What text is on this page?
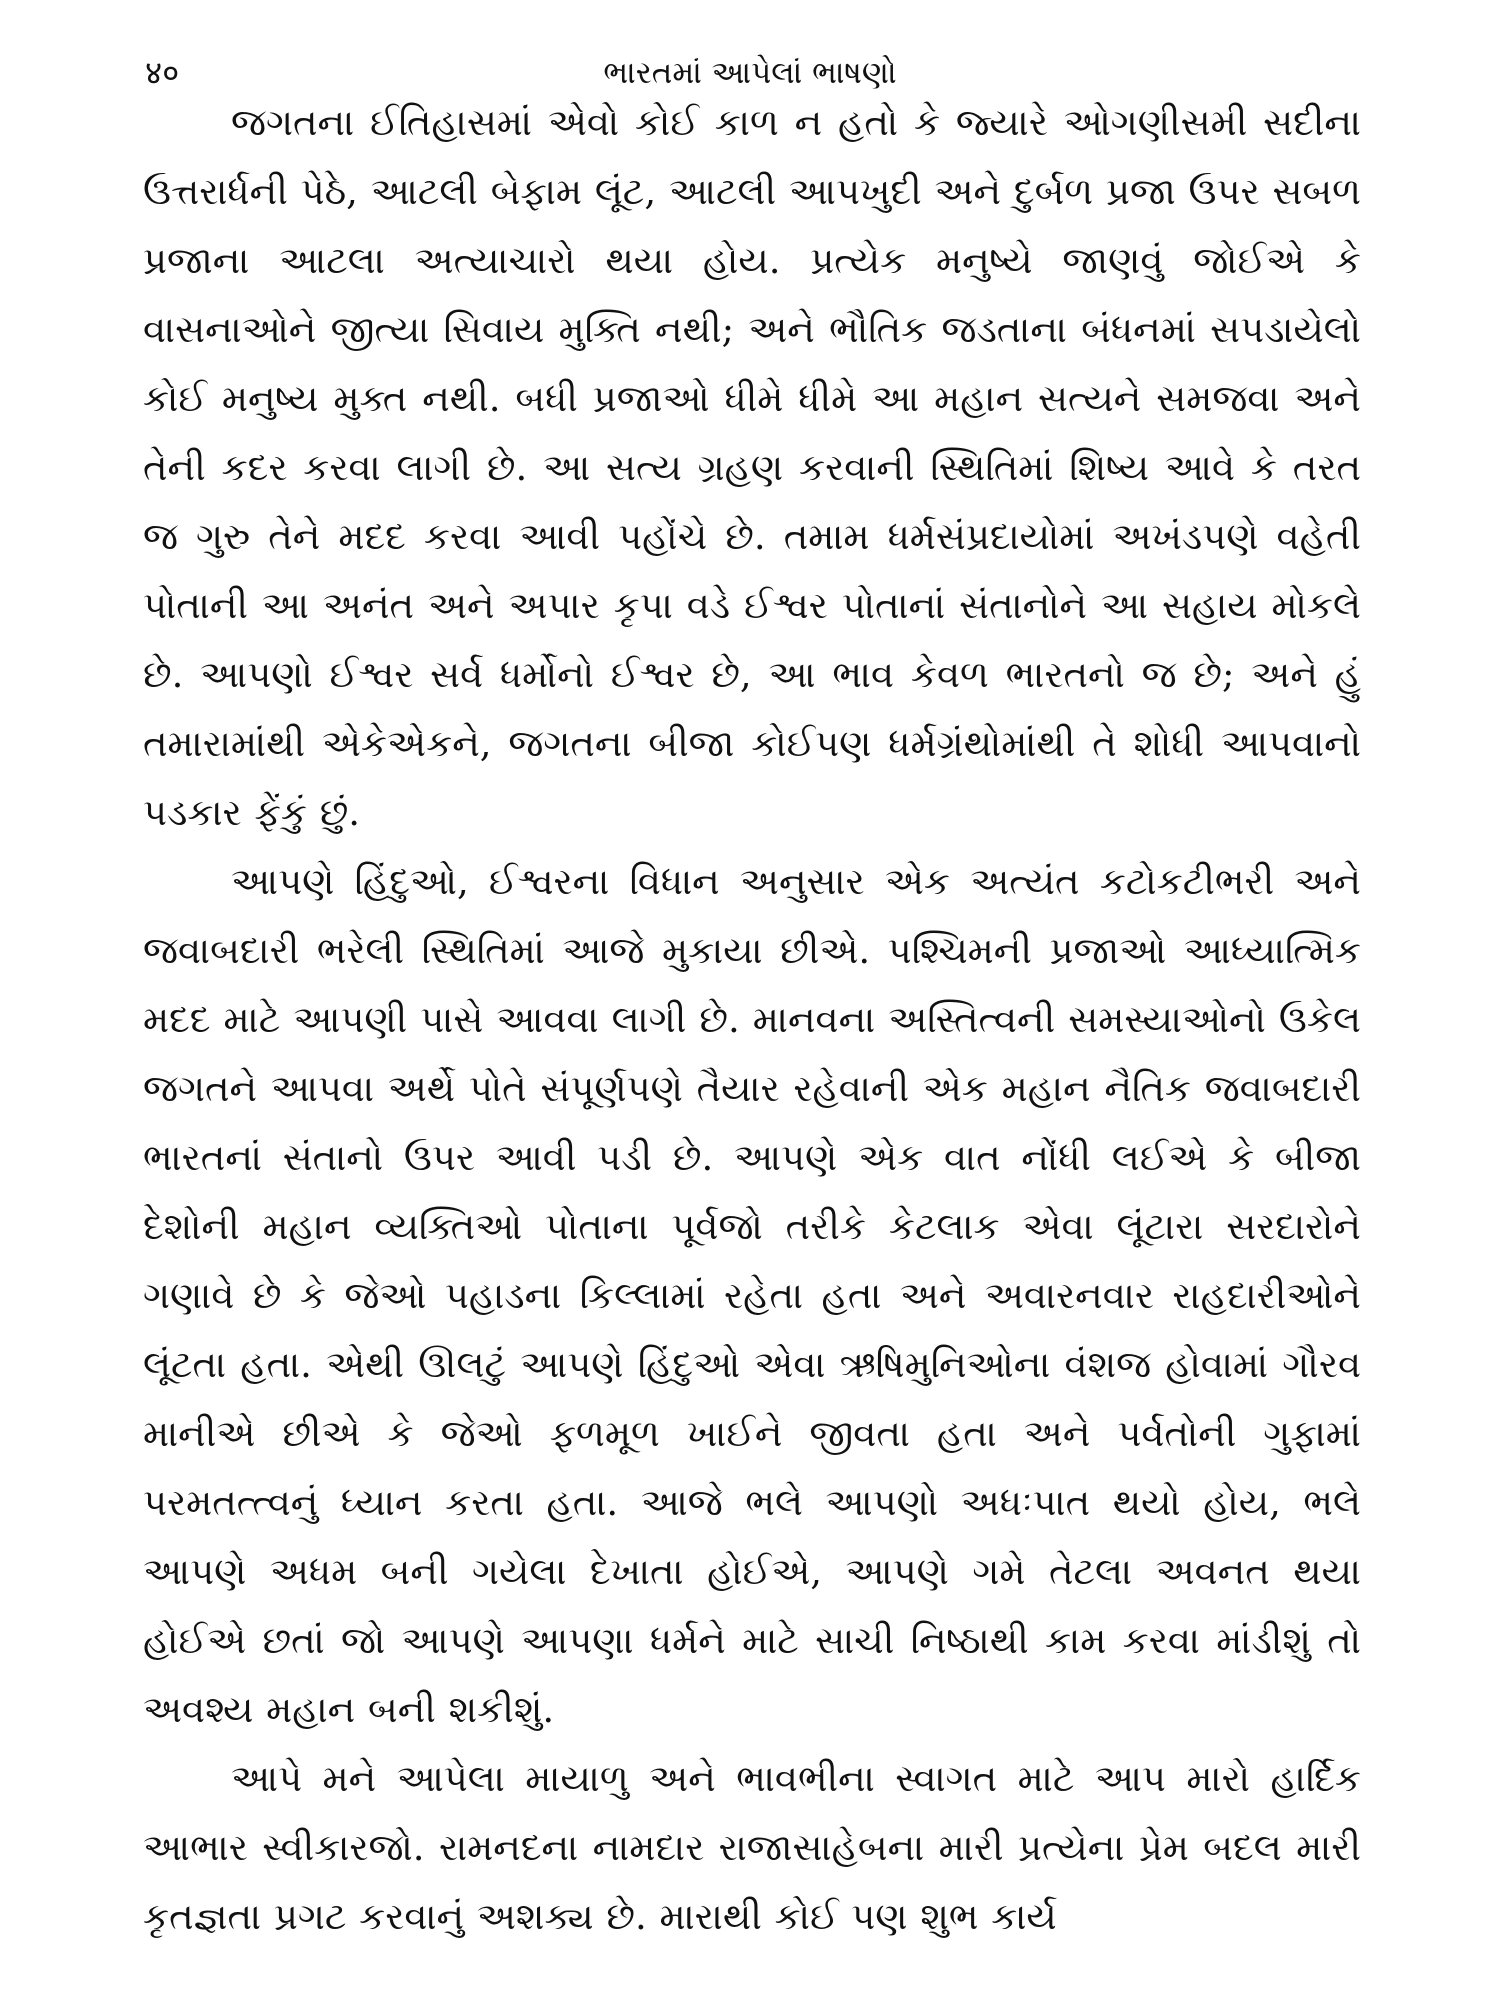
४०	ભારતમાં આપેલાં ભાષણો

જગતના ઈતિહાસમાં એવો કોઈ કાળ ન હતો કે જ્યારે ઓગણીસમી સદીના ઉત્તરાર્ધની પેઠે, આટલી બેફામ લૂંટ, આટલી આપખુદી અને દુર્બળ પ્રજા ઉપર સબળ પ્રજાના આટલા અત્યાચારો થયા હોય. પ્રત્યેક મનુષ્યે જાણવું જોઈએ કે વાસનાઓને જીત્યા સિવાય મુક્તિ નથી; અને ભૌતિક જડતાના બંધનમાં સપડાયેલો કોઈ મનુષ્ય મુક્ત નથી. બધી પ્રજાઓ ધીમે ધીમે આ મહાન સત્યને સમજવા અને તેની કદર કરવા લાગી છે. આ સત્ય ગ્રહણ કરવાની સ્થિતિમાં શિષ્ય આવે કે તરત જ ગુરુ તેને મદદ કરવા આવી પહોંચે છે. તમામ ધર્મસંપ્રદાયોમાં અખંડપણે વહેતી પોતાની આ અનંત અને અપાર કૃપા વડે ઈશ્વર પોતાનાં સંતાનોને આ સહાય મોકલે છે. આપણો ઈશ્વર સર્વ ધર્મોનો ઈશ્વર છે, આ ભાવ કેવળ ભારતનો જ છે; અને હું તમારામાંથી એકેએકને, જગતના બીજા કોઈપણ ધર્મગ્રંથોમાંથી તે શોધી આપવાનો પડકાર ફેંકું છું.

આપણે હિંદુઓ, ઈશ્વરના વિધાન અનુસાર એક અત્યંત કટોકટીભરી અને જવાબદારી ભરેલી સ્થિતિમાં આજે મુકાયા છીએ. પશ્ચિમની પ્રજાઓ આધ્યાત્મિક મદદ માટે આપણી પાસે આવવા લાગી છે. માનવના અસ્તિત્વની સમસ્યાઓનો ઉકેલ જગતને આપવા અર્થે પોતે સંપૂર્ણપણે તૈયાર રહેવાની એક મહાન નૈતિક જવાબદારી ભારતનાં સંતાનો ઉપર આવી પડી છે. આપણે એક વાત નોંધી લઈએ કે બીજા દેશોની મહાન વ્યક્તિઓ પોતાના પૂર્વજો તરીકે કેટલાક એવા લૂંટારા સરદારોને ગણાવે છે કે જેઓ પહાડના કિલ્લામાં રહેતા હતા અને અવારનવાર રાહદારીઓને લૂંટતા હતા. એથી ઊલટું આપણે હિંદુઓ એવા ઋષિમુનિઓના વંશજ હોવામાં ગૌરવ માનીએ છીએ કે જેઓ ફળમૂળ ખાઈને જીવતા હતા અને પર્વતોની ગુફામાં પરમતત્ત્વનું ધ્યાન કરતા હતા. આજે ભલે આપણો અધઃપાત થયો હોય, ભલે આપણે અધમ બની ગયેલા દેખાતા હોઈએ, આપણે ગમે તેટલા અવનત થયા હોઈએ છતાં જો આપણે આપણા ધર્મને માટે સાચી નિષ્ઠાથી કામ કરવા માંડીશું તો અવશ્ય મહાન બની શકીશું.

આપે મને આપેલા માયાળુ અને ભાવભીના સ્વાગત માટે આપ મારો હાર્દિક આભાર સ્વીકારજો. રામનદના નામદાર રાજાસાહેબના મારી પ્રત્યેના પ્રેમ બદલ મારી કૃતજ્ઞતા પ્રગટ કરવાનું અશક્ય છે. મારાથી કોઈ પણ શુભ કાર્ય
